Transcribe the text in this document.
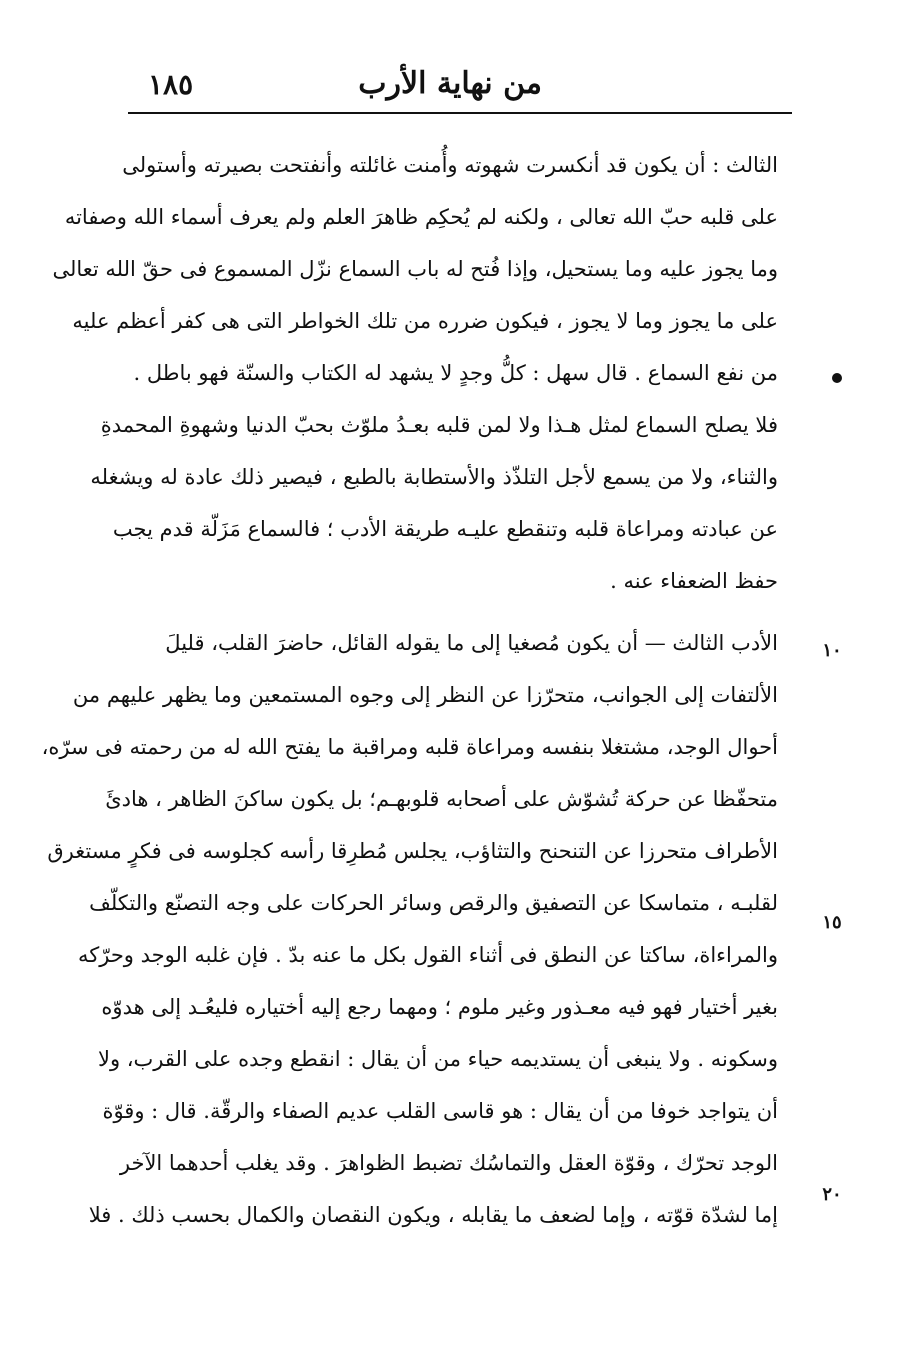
١٨٥	من نهاية الأرب
الثالث : أن يكون قد أنكسرت شهوته وأُمنت غائلته وأنفتحت بصيرته وأستولى
على قلبه حبّ الله تعالى ، ولكنه لم يُحكِم ظاهرَ العلم ولم يعرف أسماء الله وصفاته
وما يجوز عليه وما يستحيل، وإذا فُتح له باب السماع نزّل المسموع فى حقّ الله تعالى
على ما يجوز وما لا يجوز ، فيكون ضرره من تلك الخواطر التى هى كفر أعظم عليه
من نفع السماع . قال سهل : كلُّ وجدٍ لا يشهد له الكتاب والسنّة فهو باطل .
فلا يصلح السماع لمثل هـذا ولا لمن قلبه بعـدُ ملوّث بحبّ الدنيا وشهوةِ المحمدةِ
والثناء، ولا من يسمع لأجل التلذّذ والأستطابة بالطبع ، فيصير ذلك عادة له ويشغله
عن عبادته ومراعاة قلبه وتنقطع عليـه طريقة الأدب ؛ فالسماع مَزَلّة قدم يجب
حفظ الضعفاء عنه .
الأدب الثالث — أن يكون مُصغيا إلى ما يقوله القائل، حاضرَ القلب، قليلَ
الألتفات إلى الجوانب، متحرّزا عن النظر إلى وجوه المستمعين وما يظهر عليهم من
أحوال الوجد، مشتغلا بنفسه ومراعاة قلبه ومراقبة ما يفتح الله له من رحمته فى سرّه،
متحفّظا عن حركة تُشوّش على أصحابه قلوبهـم؛ بل يكون ساكنَ الظاهر ، هادئَ
الأطراف متحرزا عن التنحنح والتثاؤب، يجلس مُطرِقا رأسه كجلوسه فى فكرٍ مستغرق
لقلبـه ، متماسكا عن التصفيق والرقص وسائر الحركات على وجه التصنّع والتكلّف
والمراءاة، ساكتا عن النطق فى أثناء القول بكل ما عنه بدّ . فإن غلبه الوجد وحرّكه
بغير أختيار فهو فيه معـذور وغير ملوم ؛ ومهما رجع إليه أختياره فليعُـد إلى هدوّه
وسكونه . ولا ينبغى أن يستديمه حياء من أن يقال : انقطع وجده على القرب، ولا
أن يتواجد خوفا من أن يقال : هو قاسى القلب عديم الصفاء والرقّة. قال : وقوّة
الوجد تحرّك ، وقوّة العقل والتماسُك تضبط الظواهرَ . وقد يغلب أحدهما الآخر
إما لشدّة قوّته ، وإما لضعف ما يقابله ، ويكون النقصان والكمال بحسب ذلك . فلا
١٠
١٥
٢٠
